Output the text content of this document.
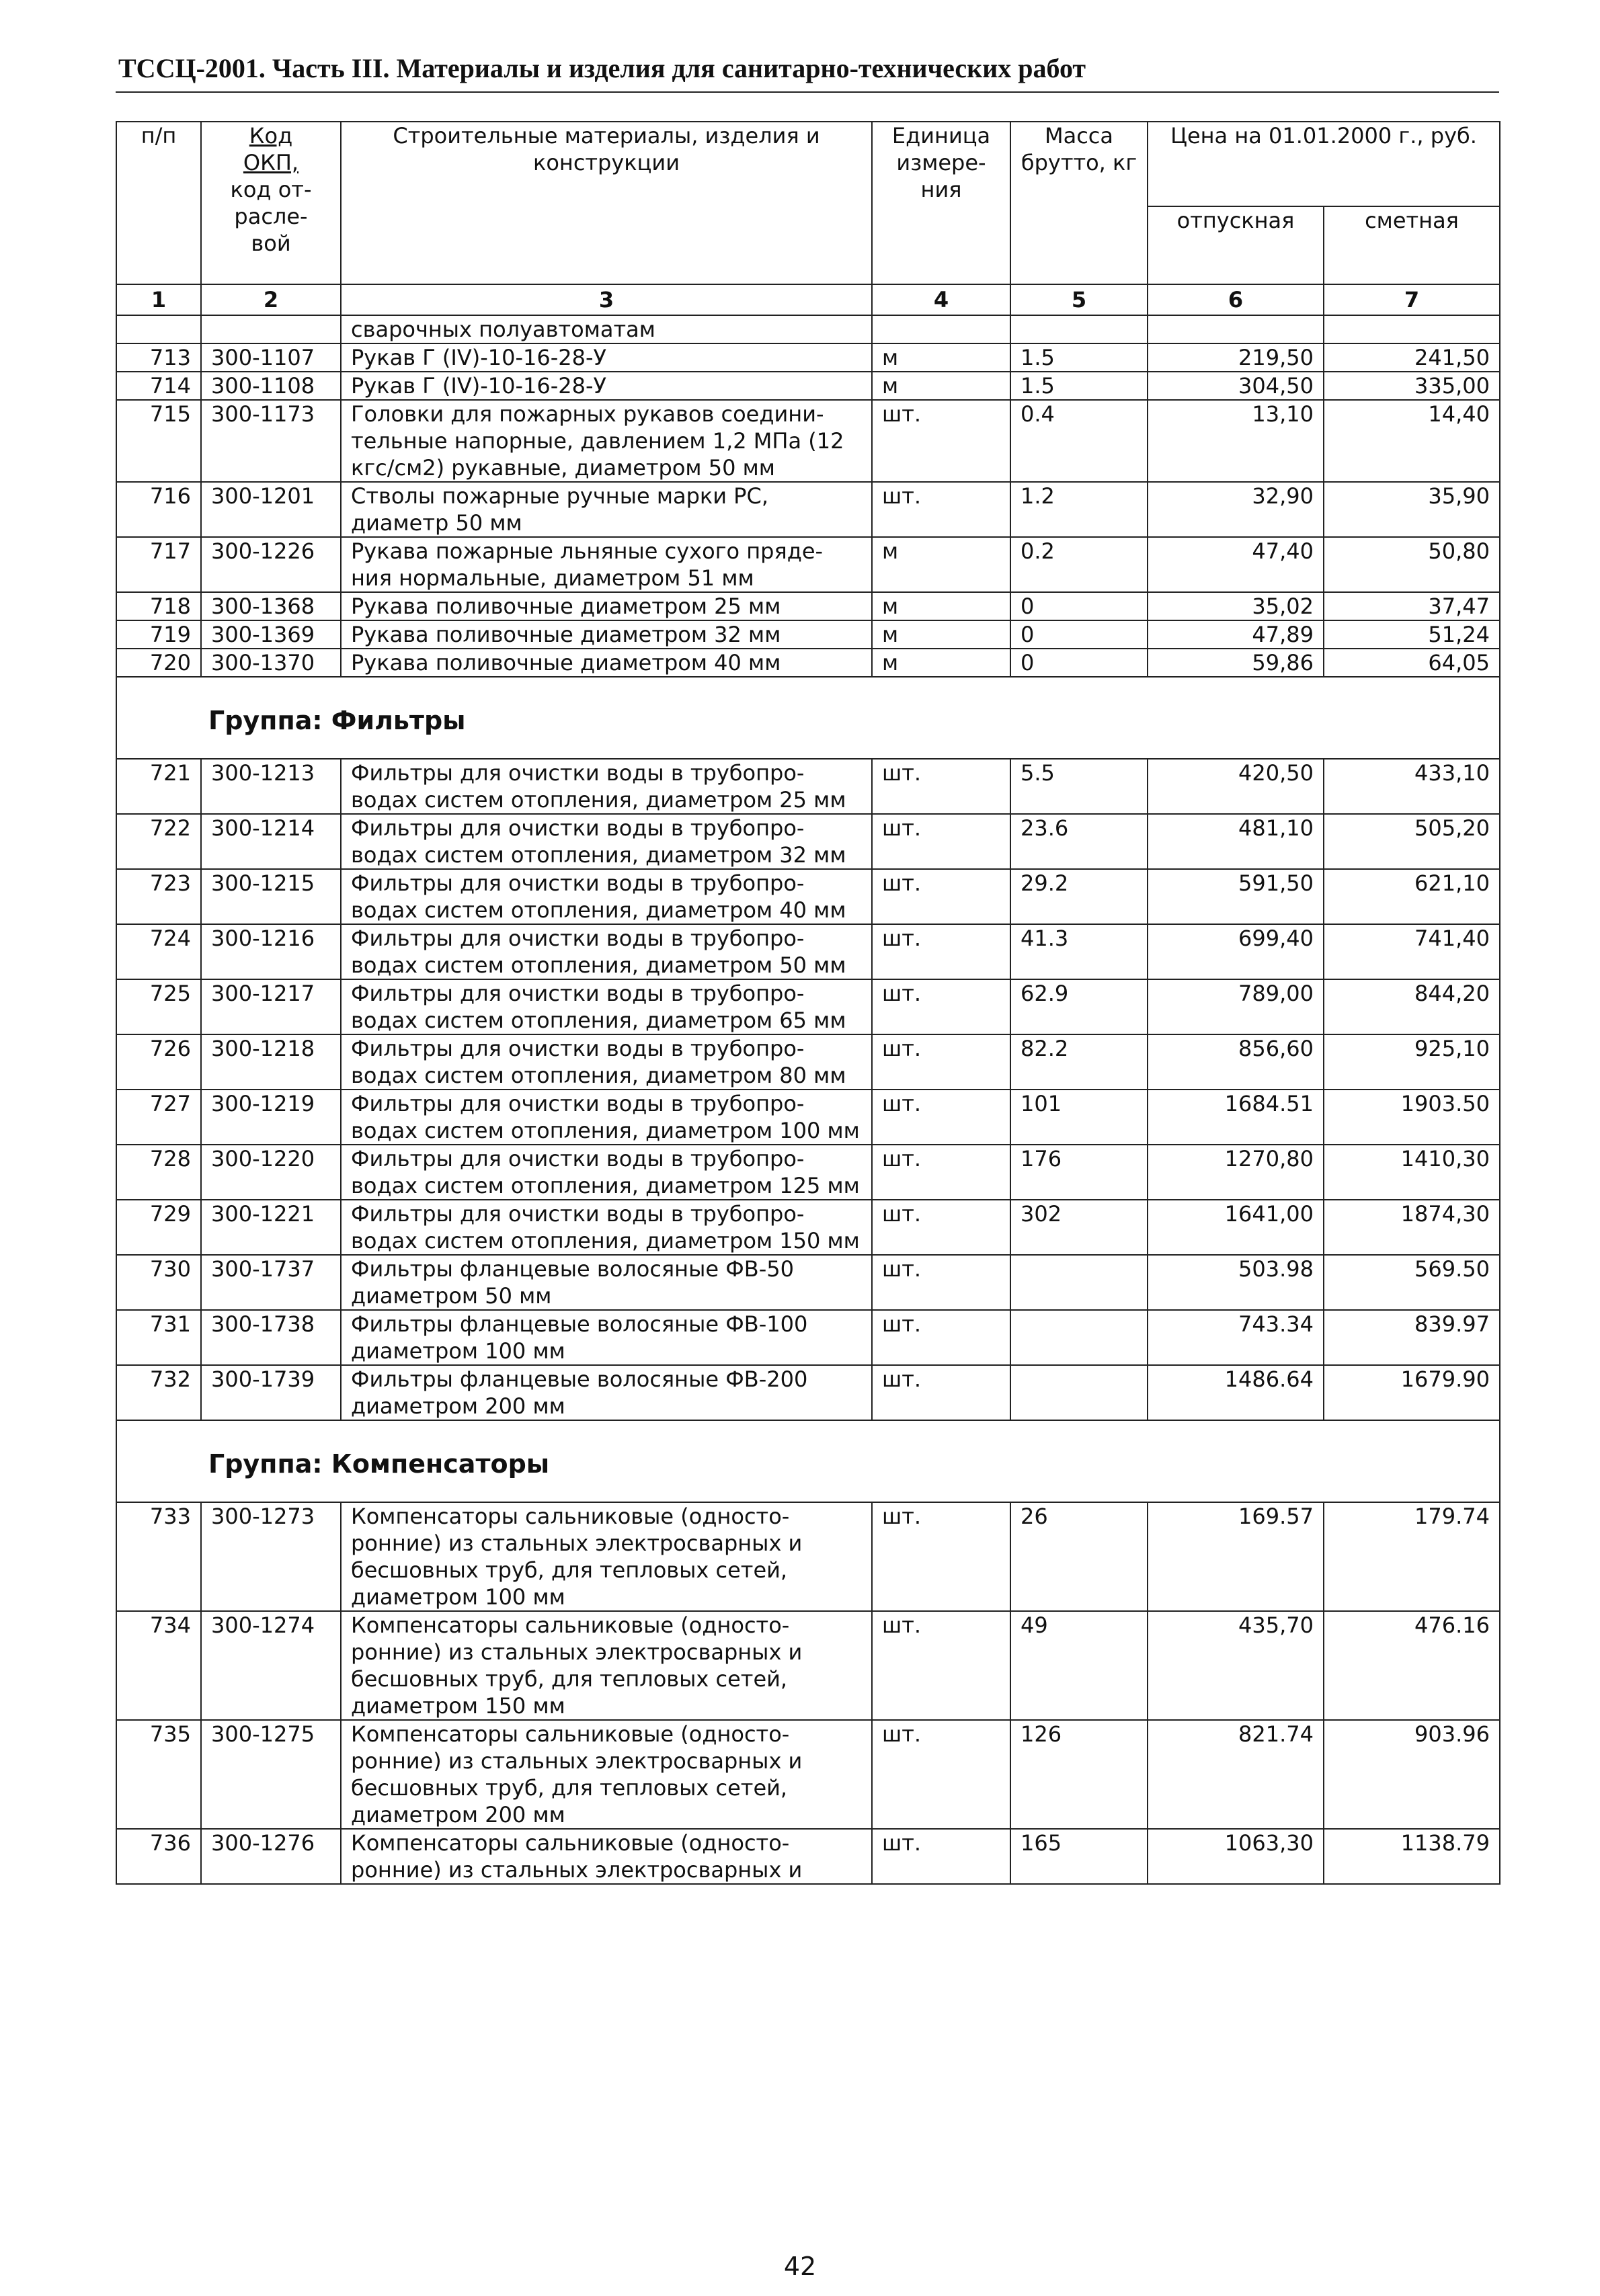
ТССЦ-2001. Часть III. Материалы и изделия для санитарно-технических работ
п/п	Код
ОКП,
код от-
расле-
вой	Строительные материалы, изделия и конструкции	Единица измере-ния	Масса брутто, кг	Цена на 01.01.2000 г., руб.	
					отпускная	сметная
1	2	3	4	5	6	7
		сварочных полуавтоматам				
713	300-1107	Рукав Г (IV)-10-16-28-У	м	1.5	219,50	241,50
714	300-1108	Рукав Г (IV)-10-16-28-У	м	1.5	304,50	335,00
715	300-1173	Головки для пожарных рукавов соедини-тельные напорные, давлением 1,2 МПа (12 кгс/см2) рукавные, диаметром 50 мм	шт.	0.4	13,10	14,40
716	300-1201	Стволы пожарные ручные марки РС, диаметр 50 мм	шт.	1.2	32,90	35,90
717	300-1226	Рукава пожарные льняные сухого пряде-ния нормальные, диаметром 51 мм	м	0.2	47,40	50,80
718	300-1368	Рукава поливочные диаметром 25 мм	м	0	35,02	37,47
719	300-1369	Рукава поливочные диаметром 32 мм	м	0	47,89	51,24
720	300-1370	Рукава поливочные диаметром 40 мм	м	0	59,86	64,05
Группа: Фильтры						
721	300-1213	Фильтры для очистки воды в трубопро-водах систем отопления, диаметром 25 мм	шт.	5.5	420,50	433,10
722	300-1214	Фильтры для очистки воды в трубопро-водах систем отопления, диаметром 32 мм	шт.	23.6	481,10	505,20
723	300-1215	Фильтры для очистки воды в трубопро-водах систем отопления, диаметром 40 мм	шт.	29.2	591,50	621,10
724	300-1216	Фильтры для очистки воды в трубопро-водах систем отопления, диаметром 50 мм	шт.	41.3	699,40	741,40
725	300-1217	Фильтры для очистки воды в трубопро-водах систем отопления, диаметром 65 мм	шт.	62.9	789,00	844,20
726	300-1218	Фильтры для очистки воды в трубопро-водах систем отопления, диаметром 80 мм	шт.	82.2	856,60	925,10
727	300-1219	Фильтры для очистки воды в трубопро-водах систем отопления, диаметром 100 мм	шт.	101	1684.51	1903.50
728	300-1220	Фильтры для очистки воды в трубопро-водах систем отопления, диаметром 125 мм	шт.	176	1270,80	1410,30
729	300-1221	Фильтры для очистки воды в трубопро-водах систем отопления, диаметром 150 мм	шт.	302	1641,00	1874,30
730	300-1737	Фильтры фланцевые волосяные ФВ-50 диаметром 50 мм	шт.		503.98	569.50
731	300-1738	Фильтры фланцевые волосяные ФВ-100 диаметром 100 мм	шт.		743.34	839.97
732	300-1739	Фильтры фланцевые волосяные ФВ-200 диаметром 200 мм	шт.		1486.64	1679.90
Группа: Компенсаторы						
733	300-1273	Компенсаторы сальниковые (односто-ронние) из стальных электросварных и бесшовных труб, для тепловых сетей, диаметром 100 мм	шт.	26	169.57	179.74
734	300-1274	Компенсаторы сальниковые (односто-ронние) из стальных электросварных и бесшовных труб, для тепловых сетей, диаметром 150 мм	шт.	49	435,70	476.16
735	300-1275	Компенсаторы сальниковые (односто-ронние) из стальных электросварных и бесшовных труб, для тепловых сетей, диаметром 200 мм	шт.	126	821.74	903.96
736	300-1276	Компенсаторы сальниковые (односто-ронние) из стальных электросварных и	шт.	165	1063,30	1138.79
42
